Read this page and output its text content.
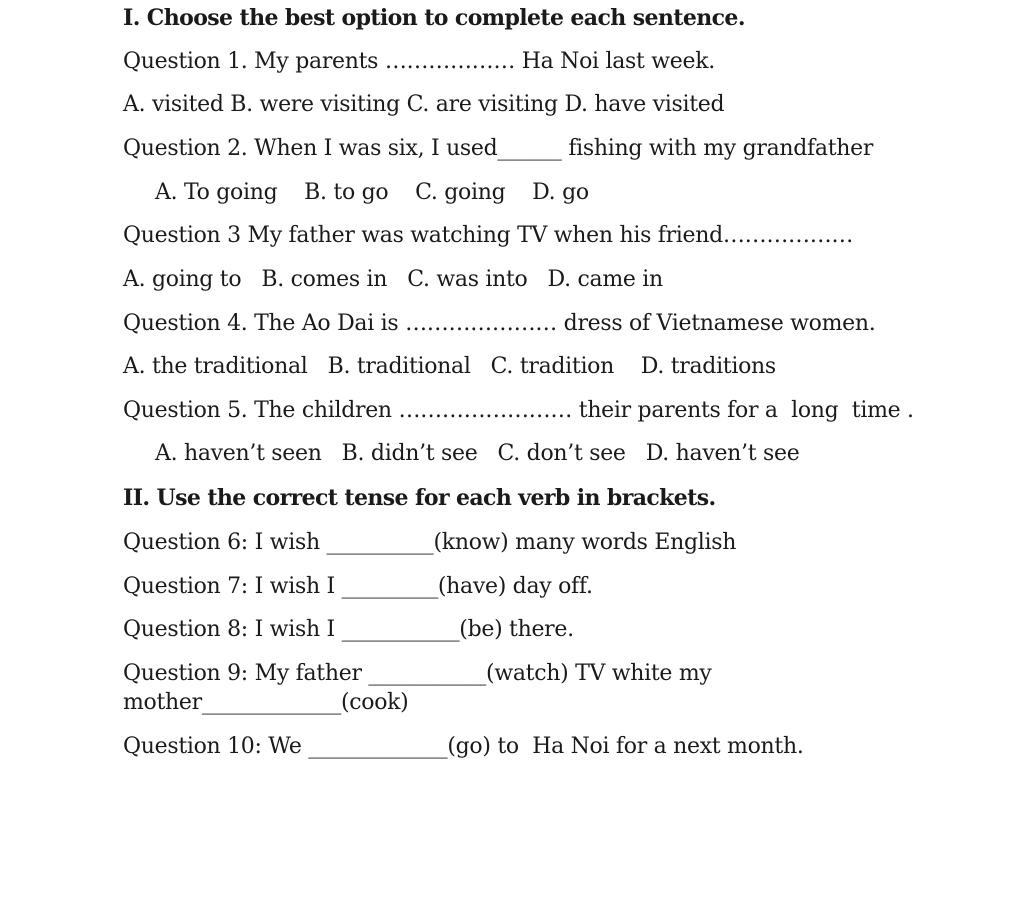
I. Choose the best option to complete each sentence.
Question 1. My parents ……………… Ha Noi last week.
A. visited B. were visiting C. are visiting D. have visited
Question 2. When I was six, I used______ fishing with my grandfather
A. To going    B. to go    C. going    D. go
Question 3 My father was watching TV when his friend………………
A. going to   B. comes in   C. was into   D. came in
Question 4. The Ao Dai is ………………… dress of Vietnamese women.
A. the traditional   B. traditional   C. tradition    D. traditions
Question 5. The children …………………… their parents for a  long  time .
A. haven’t seen   B. didn’t see   C. don’t see   D. haven’t see
II. Use the correct tense for each verb in brackets.
Question 6: I wish __________(know) many words English
Question 7: I wish I _________(have) day off.
Question 8: I wish I ___________(be) there.
Question 9: My father ___________(watch) TV white my
mother_____________(cook)
Question 10: We _____________(go) to  Ha Noi for a next month.
